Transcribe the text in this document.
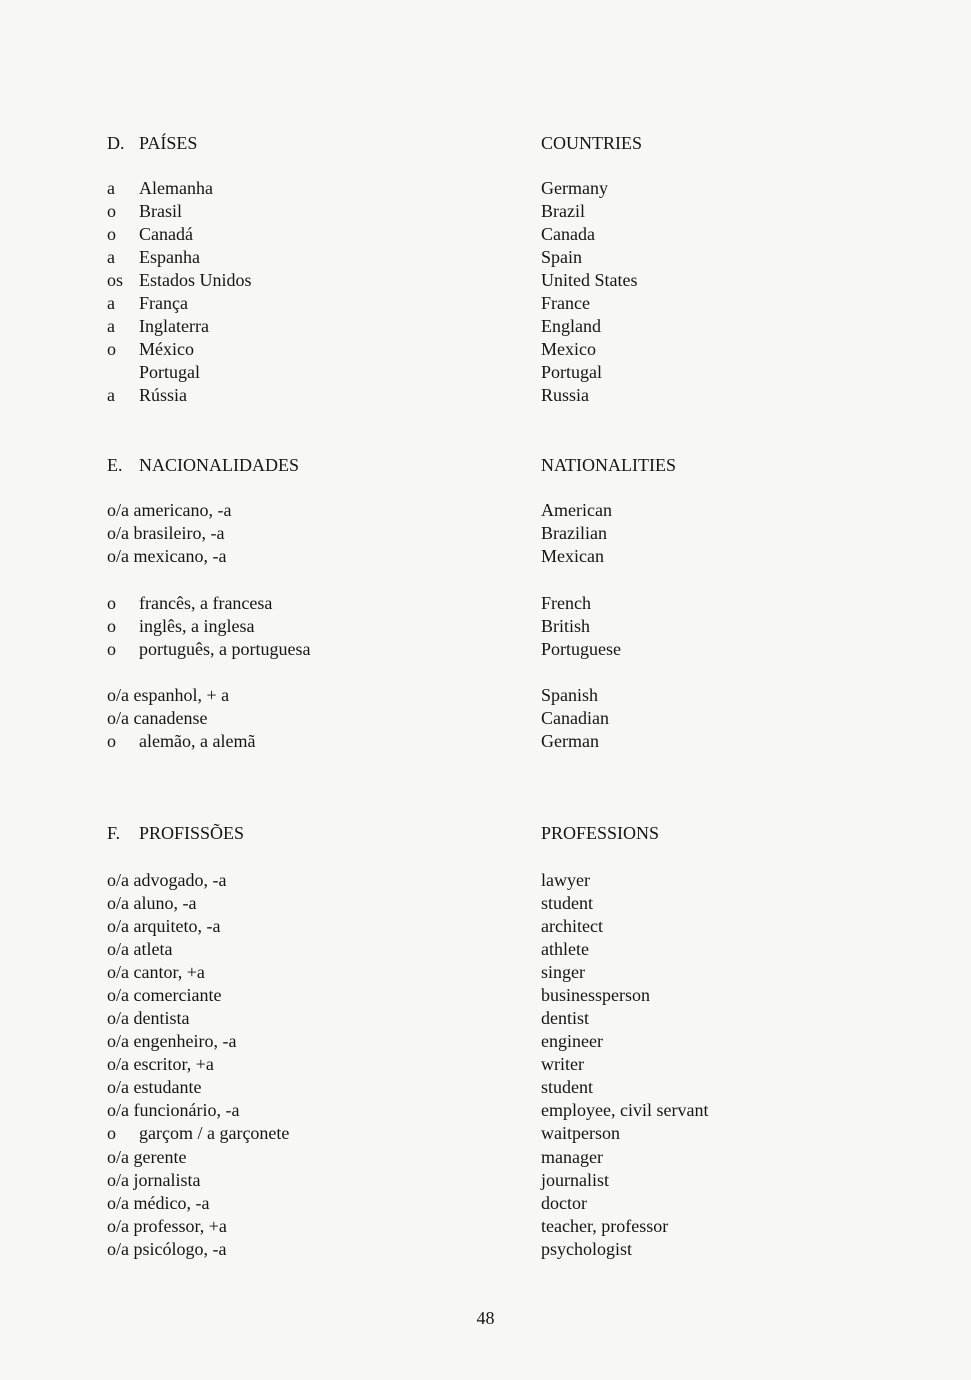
D. PAÍSES	COUNTRIES
a Alemanha	Germany
o Brasil	Brazil
o Canadá	Canada
a Espanha	Spain
os Estados Unidos	United States
a França	France
a Inglaterra	England
o México	Mexico
Portugal	Portugal
a Rússia	Russia
E. NACIONALIDADES	NATIONALITIES
o/a americano, -a	American
o/a brasileiro, -a	Brazilian
o/a mexicano, -a	Mexican
o francês, a francesa	French
o inglês, a inglesa	British
o português, a portuguesa	Portuguese
o/a espanhol, + a	Spanish
o/a canadense	Canadian
o alemão, a alemã	German
F. PROFISSÕES	PROFESSIONS
o/a advogado, -a	lawyer
o/a aluno, -a	student
o/a arquiteto, -a	architect
o/a atleta	athlete
o/a cantor, +a	singer
o/a comerciante	businessperson
o/a dentista	dentist
o/a engenheiro, -a	engineer
o/a escritor, +a	writer
o/a estudante	student
o/a funcionário, -a	employee, civil servant
o garçom / a garçonete	waitperson
o/a gerente	manager
o/a jornalista	journalist
o/a médico, -a	doctor
o/a professor, +a	teacher, professor
o/a psicólogo, -a	psychologist
48
